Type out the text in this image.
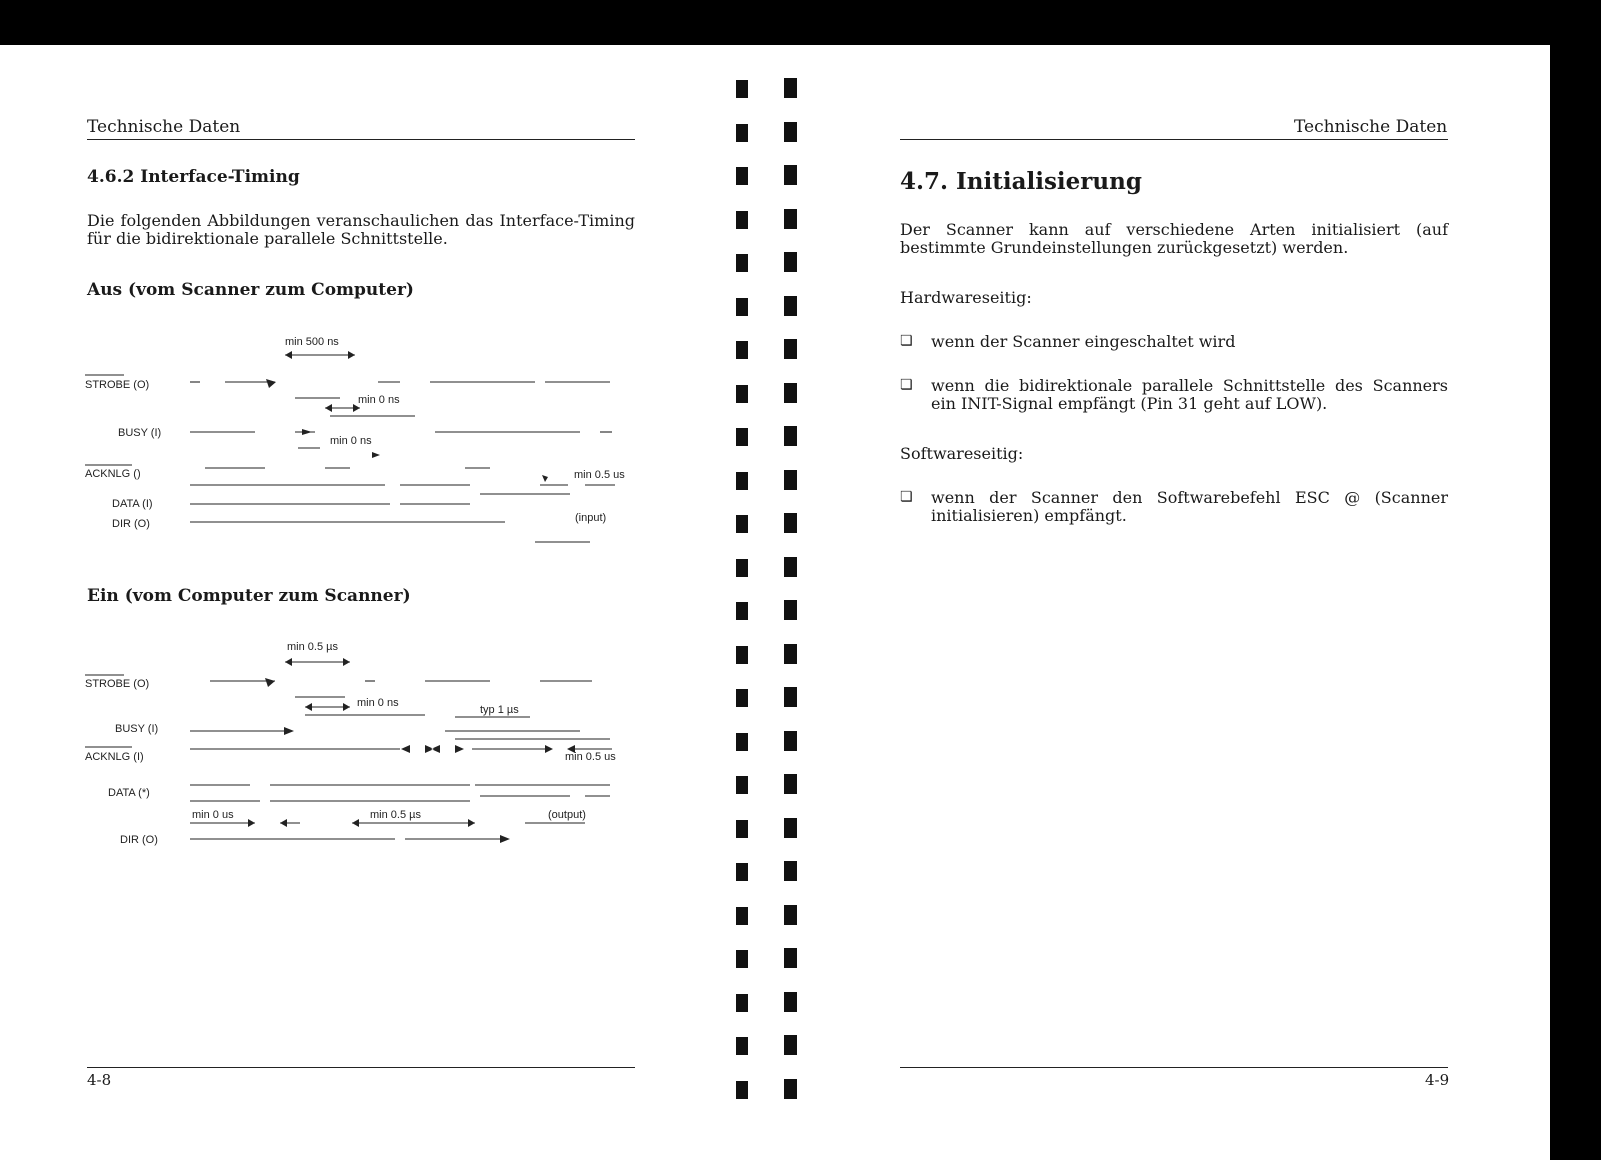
Technische Daten
4.6.2 Interface-Timing
Die folgenden Abbildungen veranschaulichen das Interface-Timing für die bidirektionale parallele Schnittstelle.
Aus (vom Scanner zum Computer)
STROBE (O)
BUSY (I)
ACKNLG ()
DATA (I)
DIR (O)
min 500 ns
min 0 ns
min 0 ns
min 0.5 us
(input)
Ein (vom Computer zum Scanner)
STROBE (O)
BUSY (I)
ACKNLG (I)
DATA (*)
DIR (O)
min 0.5 µs
min 0 ns
typ 1 µs
min 0.5 us
min 0 us	min 0.5 µs	(output)
4-8
Technische Daten
4.7. Initialisierung
Der Scanner kann auf verschiedene Arten initialisiert (auf bestimmte Grundeinstellungen zurückgesetzt) werden.
Hardwareseitig:
❏ wenn der Scanner eingeschaltet wird
❏ wenn die bidirektionale parallele Schnittstelle des Scanners ein INIT-Signal empfängt (Pin 31 geht auf LOW).
Softwareseitig:
❏ wenn der Scanner den Softwarebefehl ESC @ (Scanner initialisieren) empfängt.
4-9
